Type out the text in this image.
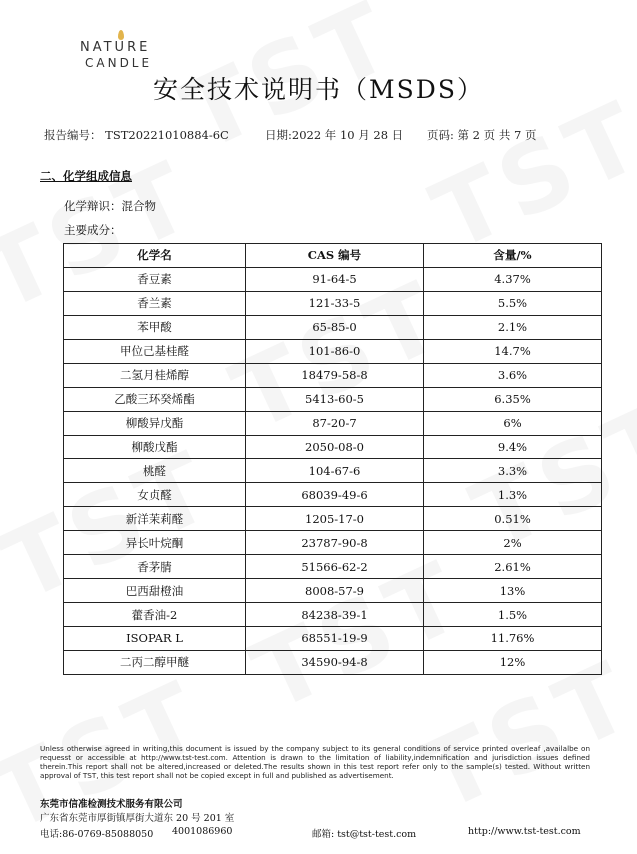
NATURE
CANDLE
安全技术说明书（MSDS）
报告编号： TST20221010884-6C	日期:2022 年 10 月 28 日 页码: 第 2 页 共 7 页
二、化学组成信息
化学辩识：混合物
主要成分：
化学名	CAS 编号	含量/%
香豆素	91-64-5	4.37%
香兰素	121-33-5	5.5%
苯甲酸	65-85-0	2.1%
甲位己基桂醛	101-86-0	14.7%
二氢月桂烯醇	18479-58-8	3.6%
乙酸三环癸烯酯	5413-60-5	6.35%
柳酸异戊酯	87-20-7	6%
柳酸戊酯	2050-08-0	9.4%
桃醛	104-67-6	3.3%
女贞醛	68039-49-6	1.3%
新洋茉莉醛	1205-17-0	0.51%
异长叶烷酮	23787-90-8	2%
香茅腈	51566-62-2	2.61%
巴西甜橙油	8008-57-9	13%
藿香油-2	84238-39-1	1.5%
ISOPAR L	68551-19-9	11.76%
二丙二醇甲醚	34590-94-8	12%
Unless otherwise agreed in writing,this document is issued by the company subject to its general conditions of service printed overleaf ,availalbe on requesst or accessible at http://www.tst-test.com. Attention is drawn to the limitation of liability,indemnification and jurisdiction issues defined therein.This report shall not be altered,increased or deleted.The results shown in this test report refer only to the sample(s) tested. Without written approval of TST, this test report shall not be copied except in full and published as advertisement.
东莞市信准检测技术服务有限公司
广东省东莞市厚街镇厚街大道东 20 号 201 室
电话:86-0769-85088050 4001086960	邮箱: tst@tst-test.com	http://www.tst-test.com
